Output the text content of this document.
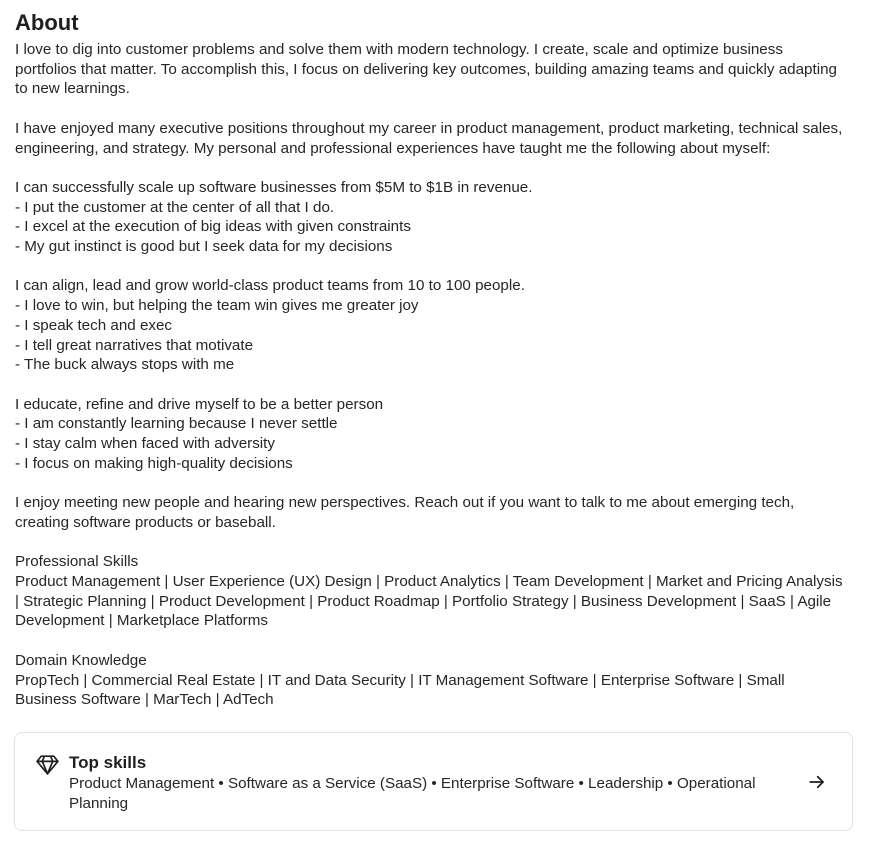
About
I love to dig into customer problems and solve them with modern technology. I create, scale and optimize business portfolios that matter. To accomplish this, I focus on delivering key outcomes, building amazing teams and quickly adapting to new learnings.

I have enjoyed many executive positions throughout my career in product management, product marketing, technical sales, engineering, and strategy. My personal and professional experiences have taught me the following about myself:

I can successfully scale up software businesses from $5M to $1B in revenue.
- I put the customer at the center of all that I do.
- I excel at the execution of big ideas with given constraints
- My gut instinct is good but I seek data for my decisions

I can align, lead and grow world-class product teams from 10 to 100 people.
- I love to win, but helping the team win gives me greater joy
- I speak tech and exec
- I tell great narratives that motivate
- The buck always stops with me

I educate, refine and drive myself to be a better person
- I am constantly learning because I never settle
- I stay calm when faced with adversity
- I focus on making high-quality decisions

I enjoy meeting new people and hearing new perspectives. Reach out if you want to talk to me about emerging tech, creating software products or baseball.

Professional Skills
Product Management | User Experience (UX) Design | Product Analytics | Team Development | Market and Pricing Analysis | Strategic Planning | Product Development | Product Roadmap | Portfolio Strategy | Business Development | SaaS | Agile Development | Marketplace Platforms

Domain Knowledge
PropTech | Commercial Real Estate | IT and Data Security | IT Management Software | Enterprise Software | Small Business Software | MarTech | AdTech
Top skills
Product Management • Software as a Service (SaaS) • Enterprise Software • Leadership • Operational Planning
